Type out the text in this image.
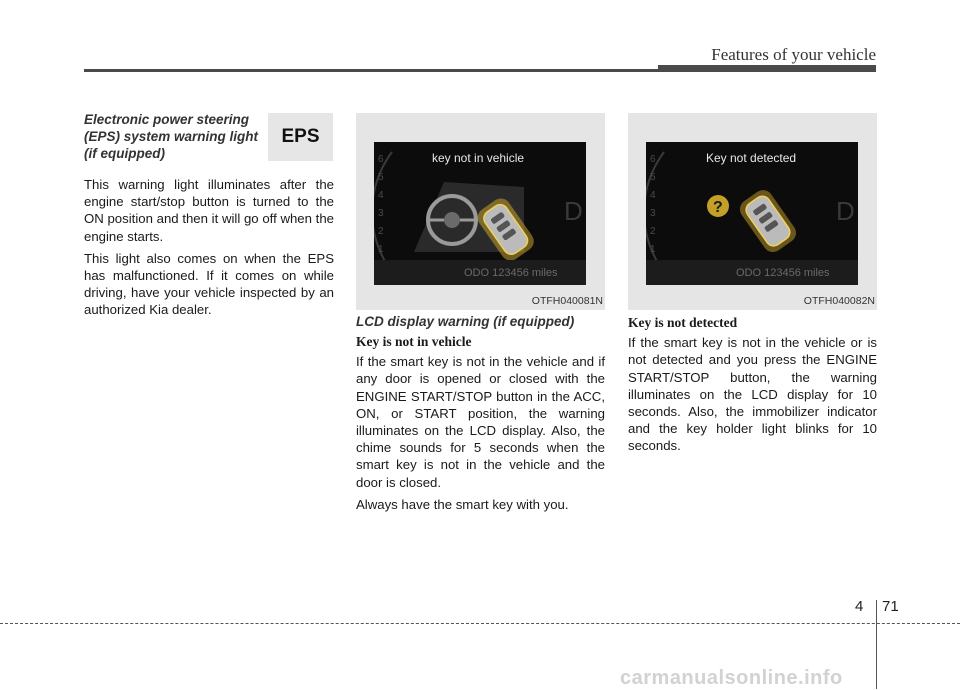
Features of your vehicle
Electronic power steering
(EPS) system warning light
(if equipped)
EPS

This warning light illuminates after the engine start/stop button is turned to the ON position and then it will go off when the engine starts.

This light also comes on when the EPS has malfunctioned. If it comes on while driving, have your vehicle inspected by an authorized Kia dealer.

6
5
4
3
2
1
D
key not in vehicle
ODO 123456 miles
OTFH040081N
6
5
4
3
2
1
D
Key not detected
?
ODO 123456 miles
OTFH040082N
LCD display warning (if equipped)
Key is not in vehicle

If the smart key is not in the vehicle and if any door is opened or closed with the ENGINE START/STOP button in the ACC, ON, or START position, the warning illuminates on the LCD display. Also, the chime sounds for 5 seconds when the smart key is not in the vehicle and the door is closed.

Always have the smart key with you.

Key is not detected

If the smart key is not in the vehicle or is not detected and you press the ENGINE START/STOP button, the warning illuminates on the LCD display for 10 seconds. Also, the immobilizer indicator and the key holder light blinks for 10 seconds.

4 71
carmanualsonline.info
